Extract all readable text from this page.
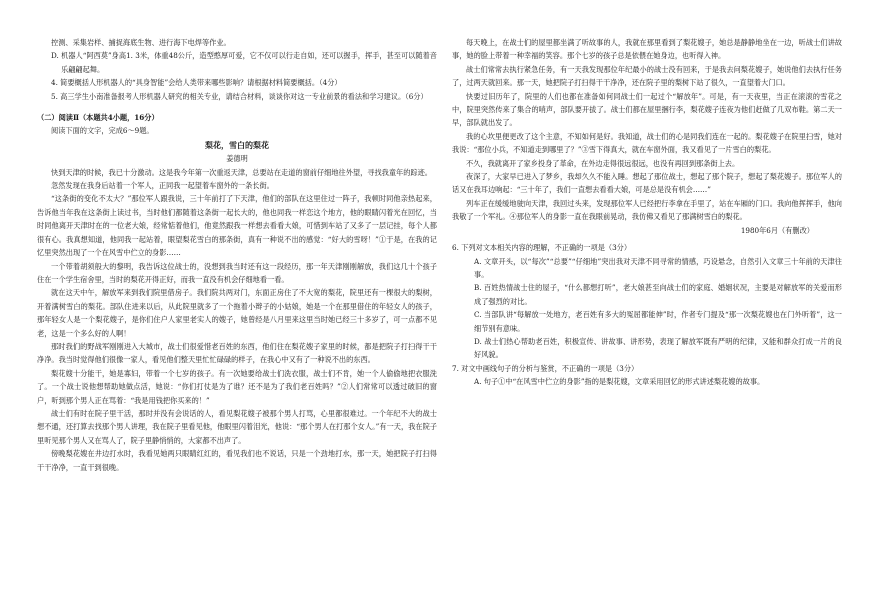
控测、采集岩样、捕捉海底生物、进行海下电焊等作业。

D. 机器人“阿西莫”身高1. 3米，体重48公斤，造型憨厚可爱，它不仅可以行走自如，还可以握手，挥手，甚至可以随着音乐翩翩起舞。

4. 简要概括人形机器人的“具身智能”会给人类带来哪些影响？请根据材料简要概括。（4分）

5. 高三学生小南准备报考人形机器人研究的相关专业，请结合材料，谈谈你对这一专业前景的看法和学习建议。（6分）

（二）阅读Ⅱ（本题共4小题，16分）

阅读下面的文字，完成6～9题。

梨花，雪白的梨花

姜德明

快到天津的时候，我已十分激动。这是我今年第一次重返天津，总要站在走道的窗前仔细地往外望，寻找我童年的踪迹。

忽然发现在我身后站着一个军人，正同我一起望着车窗外的一条长街。

“这条街的变化不太大？”那位军人跟我说，三十年前打了下天津，他们的部队在这里住过一阵子，我顿时同他亲热起来，告诉他当年我在这条街上读过书，当时他们都随着这条街一起长大的，他也同我一样恋这个地方，他的眼睛闪着光在回忆，当时同他离开天津时在的一位老大娘，经常惦着他们，他竟然跟我一样想去看看大娘，可惜到车站了又多了一层记挂，每个人都很有心。我真想知道，他同我一起站着，眼望梨花雪白的那条街，真有一种说不出的感觉：“好大的雪呀！”①于是，在我的记忆里突然出现了一个在风雪中伫立的身影……

一个带着胡须般大的黎明，我告诉这位战士的，没想到我当时还有这一段经历，那一年天津刚刚解放，我们这几十个孩子住在一个学生宿舍里，当时的梨花开得正好，而我一直没有机会仔细地看一看。

就在这天中午，解放军来到我们院里借房子。我们院共两对门，东面正房住了不大宽的梨花，院里还有一棵很大的梨树，开着满树雪白的梨花。部队住进来以后，从此院里就多了一个拖着小辫子的小姑娘，她是一个在那里借住的年轻女人的孩子，那年轻女人是一个梨花嫂子，是你们住户人家里老实人的嫂子，她曾经是八月里来这里当时她已经三十多岁了，可一点都不见老，这是一个多么好的人啊！

那时我们的野战军刚刚进入大城市，战士们很爱惜老百姓的东西，他们住在梨花嫂子家里的时候，都是把院子打扫得干干净净。我当时觉得他们很像一家人，看见他们整天里忙忙碌碌的样子，在我心中又有了一种说不出的东西。

梨花嫂十分能干，她是寡妇，带着一个七岁的孩子。有一次她要给战士们洗衣服，战士们不肯，她一个人偷偷地把衣服洗了。一个战士说他想帮助她做点活，她说：“你们打仗是为了谁？还不是为了我们老百姓吗？”②人们常常可以透过破旧的窗户，听到那个男人正在骂着：“我是用钱把你买来的！”

战士们有时在院子里干活，那时并没有会说话的人，看见梨花嫂子被那个男人打骂，心里都很难过。一个年纪不大的战士想不通，还打算去找那个男人讲理，我在院子里看见他，他眼里闪着泪光，他说：“那个男人在打那个女人。”有一天，我在院子里听见那个男人又在骂人了，院子里静悄悄的，大家都不出声了。

傍晚梨花嫂在井边打水时，我看见她两只眼睛红红的，看见我们也不说话，只是一个劲地打水，那一天，她把院子打扫得干干净净，一直干到很晚。

每天晚上，在战士们的屋里都坐满了听故事的人，我就在那里看到了梨花嫂子，她总是静静地坐在一边，听战士们讲故事，她的脸上带着一种幸福的笑容。那个七岁的孩子总是依偎在她身边，也听得入神。

战士们常常去执行紧急任务，有一天我发现那位年纪最小的战士没有回来，于是我去问梨花嫂子，她说他们去执行任务了，过两天就回来。那一天，她把院子打扫得干干净净，还在院子里的梨树下站了很久，一直望着大门口。

快要过旧历年了，院里的人们也都在准备如何同战士们一起过个“解放年”。可是，有一天夜里，当正在滚滚的雪花之中，院里突然传来了集合的哨声，部队要开拔了。战士们都在屋里捆行李，梨花嫂子连夜为他们赶做了几双布鞋。第二天一早，部队就出发了。

我的心坎里便更改了这个主意，不知如何是好。我知道，战士们的心是同我们连在一起的。梨花嫂子在院里扫雪，她对我说：“那位小兵，不知道走到哪里了？”③雪下得真大，就在车窗外面，我又看见了一片雪白的梨花。

不久，我就离开了家乡投身了革命，在外边走得很远很远，也没有再回到那条街上去。

夜深了，大家早已进入了梦乡，我却久久不能入睡。想起了那位战士，想起了那个院子，想起了梨花嫂子。那位军人的话又在我耳边响起：“三十年了，我们一直想去看看大娘，可是总是没有机会……”

列车正在缓缓地驶向天津，我回过头来，发现那位军人已经把行李拿在手里了，站在车厢的门口。我向他挥挥手，他向我敬了一个军礼。④那位军人的身影一直在我眼前晃动，我仿佛又看见了那满树雪白的梨花。

1980年6月（有删改）

6. 下列对文本相关内容的理解，不正确的一项是（3分）

A. 文章开头，以“每次”“总要”“仔细地”突出我对天津不同寻常的情感，巧设悬念，自然引入文章三十年前的天津往事。

B. 百姓热情战士住的屋子，“什么都想打听”，老大娘甚至向战士们的家庭、婚姻状况，主要是对解放军的关爱而形成了强烈的对比。

C. 当部队讲“每解放一处地方，老百姓有多大的冤屈都能伸”时，作者专门提及“那一次梨花嫂也在门外听着”，这一细节别有意味。

D. 战士们热心帮助老百姓，积极宣传、讲故事、讲形势，表现了解放军既有严明的纪律，又能和群众打成一片的良好风貌。

7. 对文中画线句子的分析与鉴赏，不正确的一项是（3分）

A. 句子①中“在风雪中伫立的身影”指的是梨花嫂，文章采用回忆的形式讲述梨花嫂的故事。
